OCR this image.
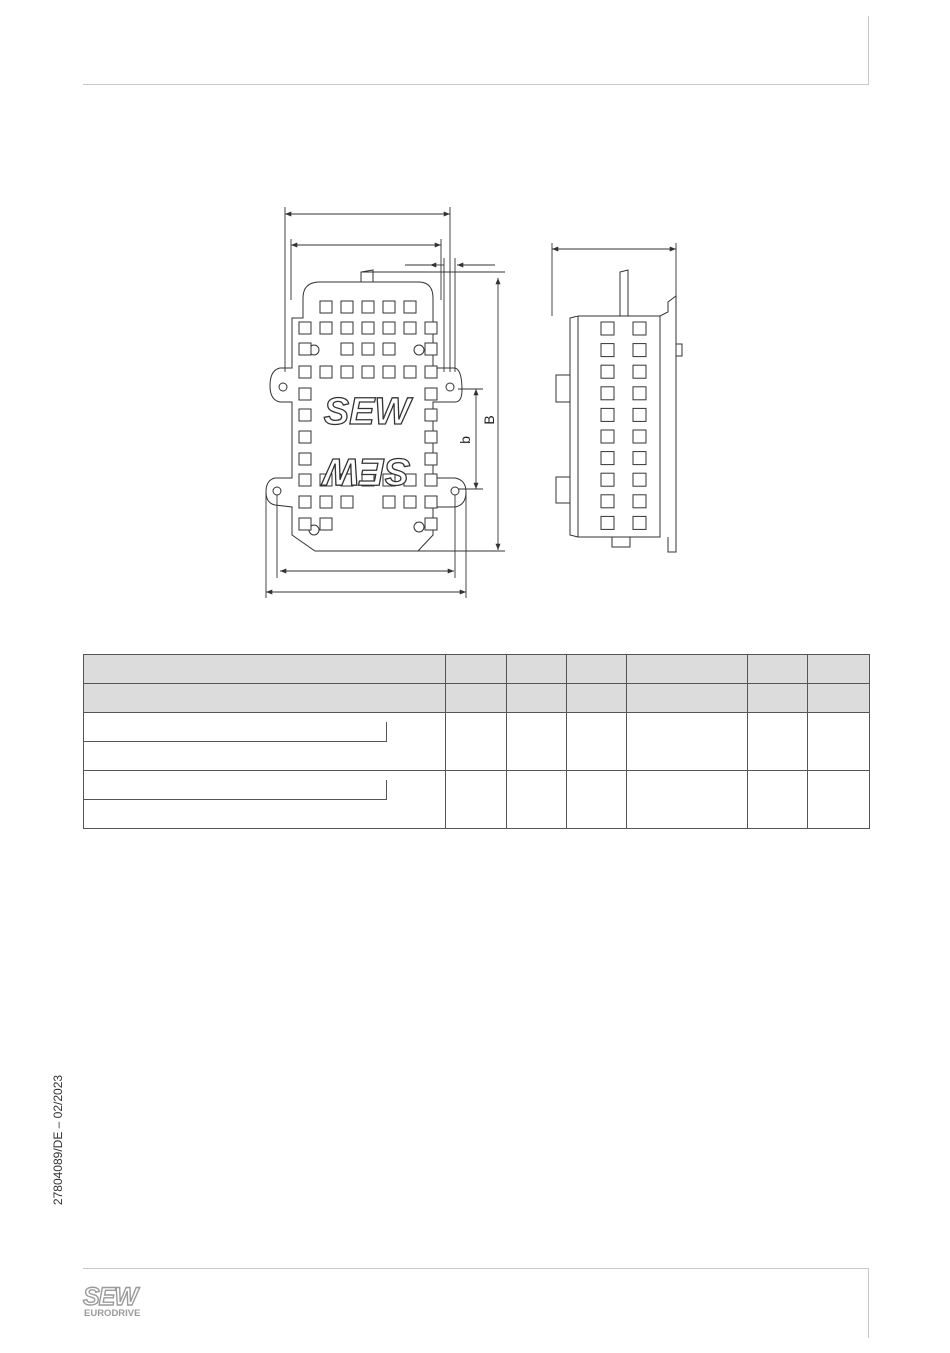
SEW
SEW
B
b

27804089/DE – 02/2023
SEW
EURODRIVE
